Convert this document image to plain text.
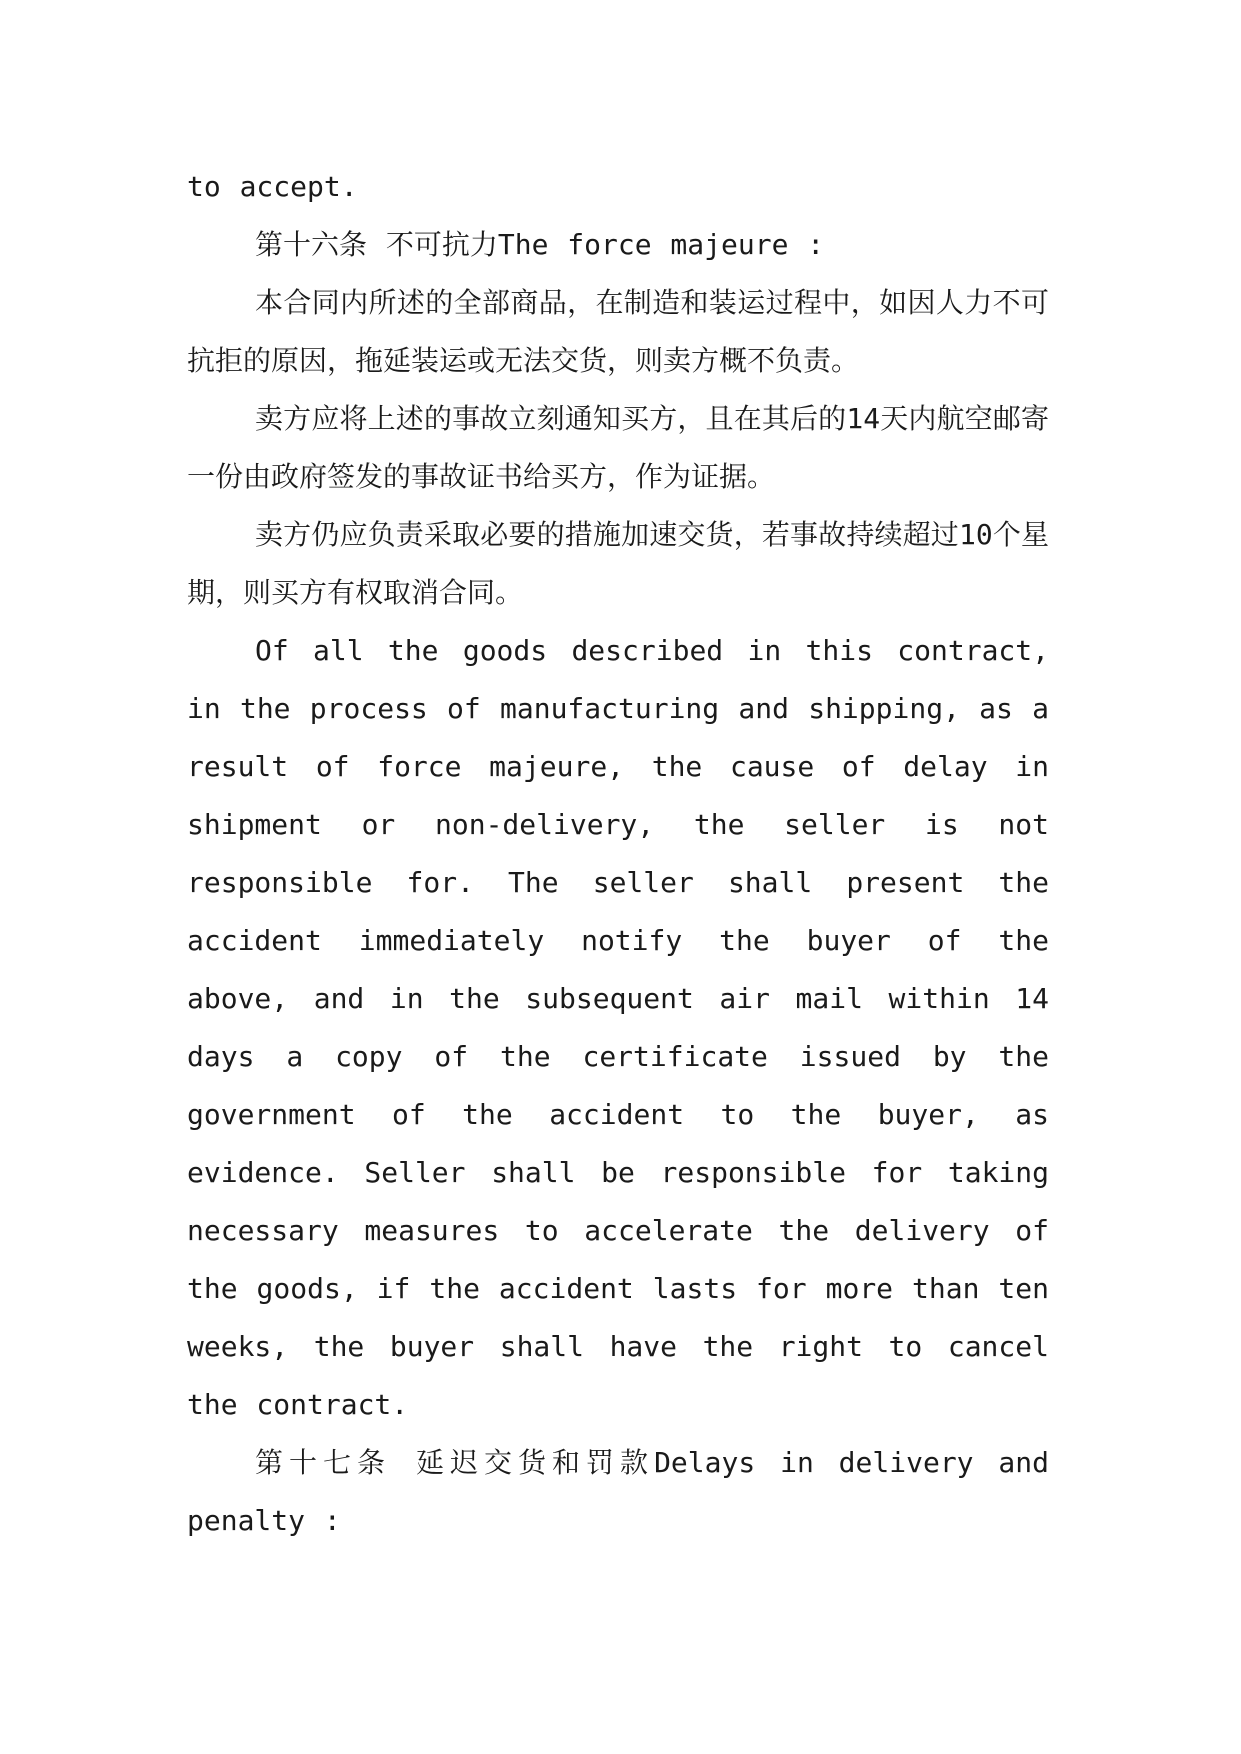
to accept.

第十六条 不可抗力The force majeure :

本合同内所述的全部商品，在制造和装运过程中，如因人力不可抗拒的原因，拖延装运或无法交货，则卖方概不负责。

卖方应将上述的事故立刻通知买方，且在其后的14天内航空邮寄一份由政府签发的事故证书给买方，作为证据。

卖方仍应负责采取必要的措施加速交货，若事故持续超过10个星期，则买方有权取消合同。

Of all the goods described in this contract, in the process of manufacturing and shipping, as a result of force majeure, the cause of delay in shipment or non-delivery, the seller is not responsible for. The seller shall present the accident immediately notify the buyer of the above, and in the subsequent air mail within 14 days a copy of the certificate issued by the government of the accident to the buyer, as evidence. Seller shall be responsible for taking necessary measures to accelerate the delivery of the goods, if the accident lasts for more than ten weeks, the buyer shall have the right to cancel the contract.

第十七条 延迟交货和罚款Delays in delivery and penalty :
